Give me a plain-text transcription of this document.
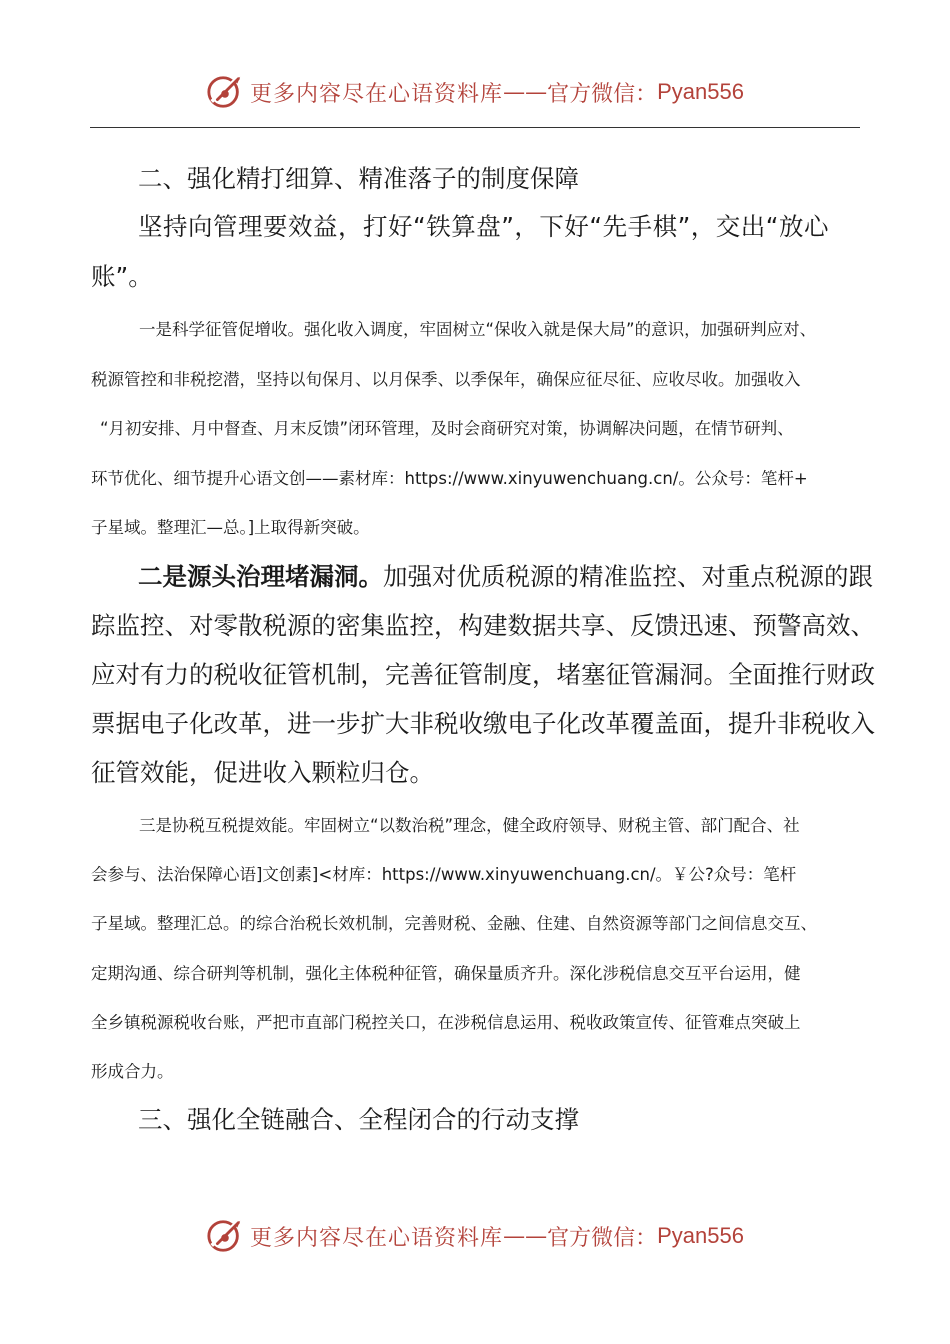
更多内容尽在心语资料库 —— 官方微信： Pyan556
二、强化精打细算、精准落子的制度保障
坚持向管理要效益，打好“铁算盘”，下好“先手棋”，交出“放心
账”。
一是科学征管促增收。强化收入调度，牢固树立“保收入就是保大局”的意识，加强研判应对、
税源管控和非税挖潜，坚持以旬保月、以月保季、以季保年，确保应征尽征、应收尽收。加强收入
“月初安排、月中督查、月末反馈”闭环管理，及时会商研究对策，协调解决问题，在情节研判、
环节优化、细节提升心语文创——素材库：https://www.xinyuwenchuang.cn/。公众号：笔杆+
子星域。整理汇—总。]上取得新突破。
二是源头治理堵漏洞。加强对优质税源的精准监控、对重点税源的跟
踪监控、对零散税源的密集监控，构建数据共享、反馈迅速、预警高效、
应对有力的税收征管机制，完善征管制度，堵塞征管漏洞。全面推行财政
票据电子化改革，进一步扩大非税收缴电子化改革覆盖面，提升非税收入
征管效能，促进收入颗粒归仓。
三是协税互税提效能。牢固树立“以数治税”理念，健全政府领导、财税主管、部门配合、社
会参与、法治保障心语]文创素]<材库：https://www.xinyuwenchuang.cn/。￥公?众号：笔杆
子星域。整理汇总。的综合治税长效机制，完善财税、金融、住建、自然资源等部门之间信息交互、
定期沟通、综合研判等机制，强化主体税种征管，确保量质齐升。深化涉税信息交互平台运用，健
全乡镇税源税收台账，严把市直部门税控关口，在涉税信息运用、税收政策宣传、征管难点突破上
形成合力。
三、强化全链融合、全程闭合的行动支撑
更多内容尽在心语资料库 —— 官方微信： Pyan556
